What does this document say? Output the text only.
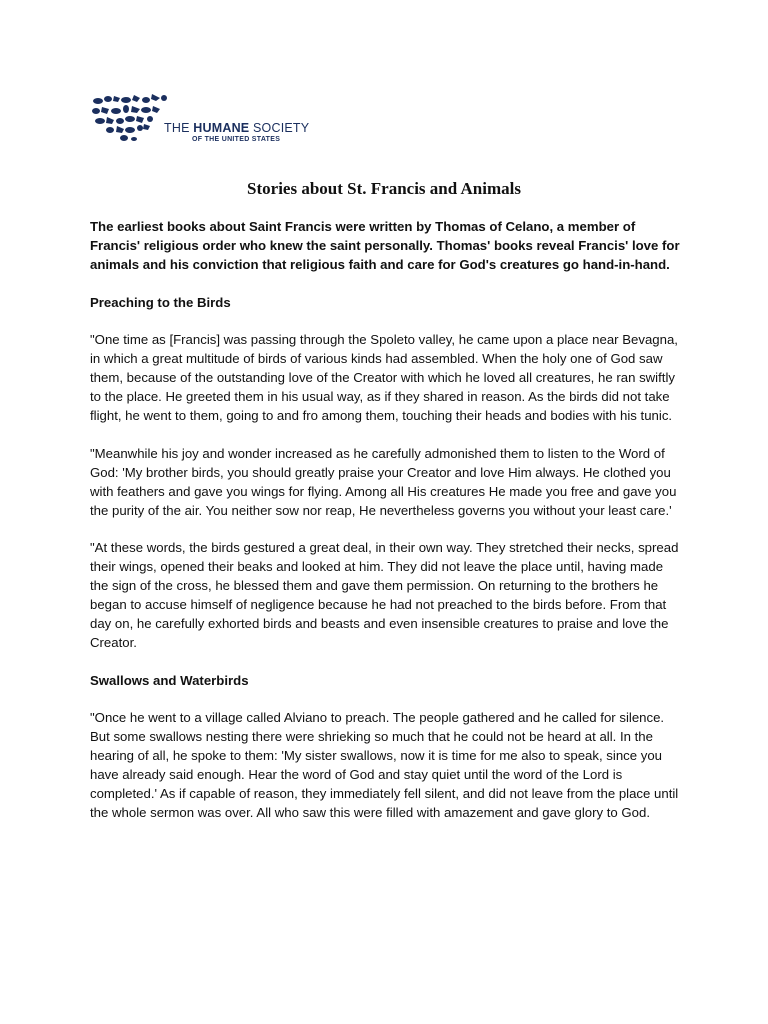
THE HUMANE SOCIETY
OF THE UNITED STATES
Stories about St. Francis and Animals

The earliest books about Saint Francis were written by Thomas of Celano, a member of Francis' religious order who knew the saint personally. Thomas' books reveal Francis' love for animals and his conviction that religious faith and care for God's creatures go hand-in-hand.

Preaching to the Birds

"One time as [Francis] was passing through the Spoleto valley, he came upon a place near Bevagna, in which a great multitude of birds of various kinds had assembled. When the holy one of God saw them, because of the outstanding love of the Creator with which he loved all creatures, he ran swiftly to the place. He greeted them in his usual way, as if they shared in reason. As the birds did not take flight, he went to them, going to and fro among them, touching their heads and bodies with his tunic.

"Meanwhile his joy and wonder increased as he carefully admonished them to listen to the Word of God: 'My brother birds, you should greatly praise your Creator and love Him always. He clothed you with feathers and gave you wings for flying. Among all His creatures He made you free and gave you the purity of the air. You neither sow nor reap, He nevertheless governs you without your least care.'

"At these words, the birds gestured a great deal, in their own way. They stretched their necks, spread their wings, opened their beaks and looked at him. They did not leave the place until, having made the sign of the cross, he blessed them and gave them permission. On returning to the brothers he began to accuse himself of negligence because he had not preached to the birds before. From that day on, he carefully exhorted birds and beasts and even insensible creatures to praise and love the Creator.

Swallows and Waterbirds

"Once he went to a village called Alviano to preach. The people gathered and he called for silence. But some swallows nesting there were shrieking so much that he could not be heard at all. In the hearing of all, he spoke to them: 'My sister swallows, now it is time for me also to speak, since you have already said enough. Hear the word of God and stay quiet until the word of the Lord is completed.' As if capable of reason, they immediately fell silent, and did not leave from the place until the whole sermon was over. All who saw this were filled with amazement and gave glory to God.
